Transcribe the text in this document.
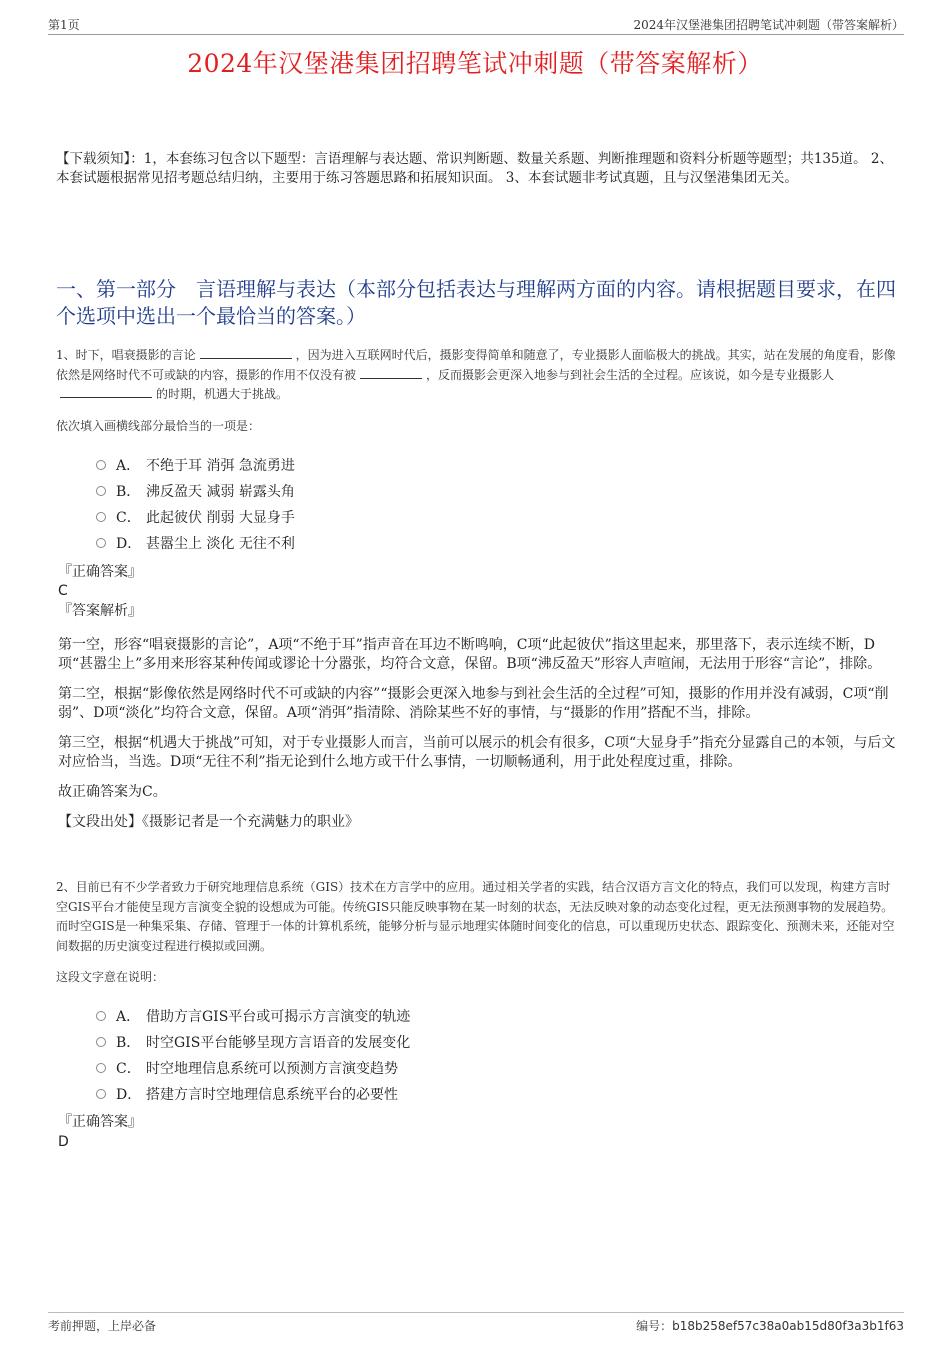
第1页	2024年汉堡港集团招聘笔试冲刺题（带答案解析）
2024年汉堡港集团招聘笔试冲刺题（带答案解析）
【下载须知】：1，本套练习包含以下题型：言语理解与表达题、常识判断题、数量关系题、判断推理题和资料分析题等题型；共135道。 2、本套试题根据常见招考题总结归纳，主要用于练习答题思路和拓展知识面。 3、本套试题非考试真题，且与汉堡港集团无关。
一、第一部分　言语理解与表达（本部分包括表达与理解两方面的内容。请根据题目要求，在四个选项中选出一个最恰当的答案。）

1、时下，唱衰摄影的言论	，因为进入互联网时代后，摄影变得简单和随意了，专业摄影人面临极大的挑战。其实，站在发展的角度看，影像依然是网络时代不可或缺的内容，摄影的作用不仅没有被	，反而摄影会更深入地参与到社会生活的全过程。应该说，如今是专业摄影人的时期，机遇大于挑战。

依次填入画横线部分最恰当的一项是：

A． 不绝于耳 消弭 急流勇进
B． 沸反盈天 减弱 崭露头角
C． 此起彼伏 削弱 大显身手
D． 甚嚣尘上 淡化 无往不利
『正确答案』
C
『答案解析』

第一空，形容“唱衰摄影的言论”，A项“不绝于耳”指声音在耳边不断鸣响，C项“此起彼伏”指这里起来，那里落下，表示连续不断，D项“甚嚣尘上”多用来形容某种传闻或谬论十分嚣张，均符合文意，保留。B项“沸反盈天”形容人声喧闹，无法用于形容“言论”，排除。

第二空，根据“影像依然是网络时代不可或缺的内容”“摄影会更深入地参与到社会生活的全过程”可知，摄影的作用并没有减弱，C项“削弱”、D项“淡化”均符合文意，保留。A项“消弭”指清除、消除某些不好的事情，与“摄影的作用”搭配不当，排除。

第三空，根据“机遇大于挑战”可知，对于专业摄影人而言，当前可以展示的机会有很多，C项“大显身手”指充分显露自己的本领，与后文对应恰当，当选。D项“无往不利”指无论到什么地方或干什么事情，一切顺畅通利，用于此处程度过重，排除。

故正确答案为C。

【文段出处】《摄影记者是一个充满魅力的职业》

2、目前已有不少学者致力于研究地理信息系统（GIS）技术在方言学中的应用。通过相关学者的实践，结合汉语方言文化的特点，我们可以发现，构建方言时空GIS平台才能使呈现方言演变全貌的设想成为可能。传统GIS只能反映事物在某一时刻的状态，无法反映对象的动态变化过程，更无法预测事物的发展趋势。而时空GIS是一种集采集、存储、管理于一体的计算机系统，能够分析与显示地理实体随时间变化的信息，可以重现历史状态、跟踪变化、预测未来，还能对空间数据的历史演变过程进行模拟或回溯。

这段文字意在说明：

A． 借助方言GIS平台或可揭示方言演变的轨迹
B． 时空GIS平台能够呈现方言语音的发展变化
C． 时空地理信息系统可以预测方言演变趋势
D． 搭建方言时空地理信息系统平台的必要性
『正确答案』
D
考前押题，上岸必备	编号：b18b258ef57c38a0ab15d80f3a3b1f63
